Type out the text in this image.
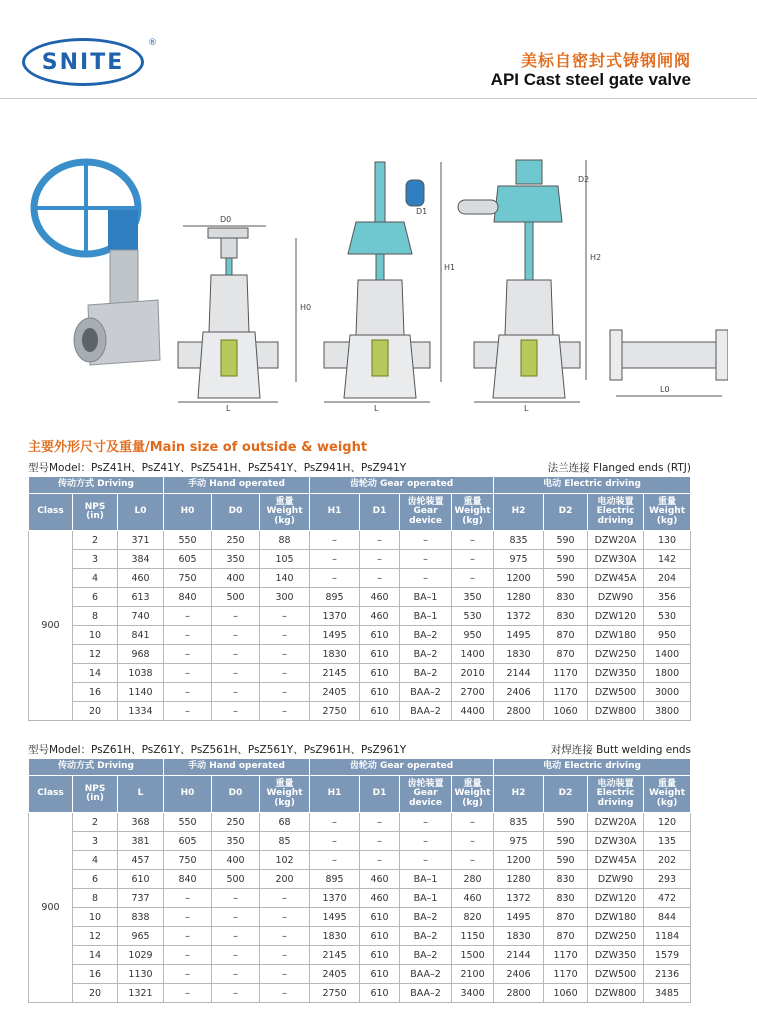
SNITE
®
美标自密封式铸钢闸阀
API Cast steel gate valve
D0
H0
L
D1
H1
L
D2
H2
L
L0
主要外形尺寸及重量/Main size of outside & weight
型号Model：PsZ41H、PsZ41Y、PsZ541H、PsZ541Y、PsZ941H、PsZ941Y	法兰连接 Flanged ends (RTJ)
传动方式 Driving			手动 Hand operated			齿轮动 Gear operated				电动 Electric driving			
Class	NPS (in)	L0	H0	D0	重量 Weight (kg)	H1	D1	齿轮装置 Gear device	重量 Weight (kg)	H2	D2	电动装置 Electric driving	重量 Weight (kg)
900	2	371	550	250	88	–	–	–	–	835	590	DZW20A	130
	3	384	605	350	105	–	–	–	–	975	590	DZW30A	142
	4	460	750	400	140	–	–	–	–	1200	590	DZW45A	204
	6	613	840	500	300	895	460	BA–1	350	1280	830	DZW90	356
	8	740	–	–	–	1370	460	BA–1	530	1372	830	DZW120	530
	10	841	–	–	–	1495	610	BA–2	950	1495	870	DZW180	950
	12	968	–	–	–	1830	610	BA–2	1400	1830	870	DZW250	1400
	14	1038	–	–	–	2145	610	BA–2	2010	2144	1170	DZW350	1800
	16	1140	–	–	–	2405	610	BAA–2	2700	2406	1170	DZW500	3000
	20	1334	–	–	–	2750	610	BAA–2	4400	2800	1060	DZW800	3800
型号Model：PsZ61H、PsZ61Y、PsZ561H、PsZ561Y、PsZ961H、PsZ961Y	对焊连接 Butt welding ends
传动方式 Driving			手动 Hand operated			齿轮动 Gear operated				电动 Electric driving			
Class	NPS (in)	L	H0	D0	重量 Weight (kg)	H1	D1	齿轮装置 Gear device	重量 Weight (kg)	H2	D2	电动装置 Electric driving	重量 Weight (kg)
900	2	368	550	250	68	–	–	–	–	835	590	DZW20A	120
	3	381	605	350	85	–	–	–	–	975	590	DZW30A	135
	4	457	750	400	102	–	–	–	–	1200	590	DZW45A	202
	6	610	840	500	200	895	460	BA–1	280	1280	830	DZW90	293
	8	737	–	–	–	1370	460	BA–1	460	1372	830	DZW120	472
	10	838	–	–	–	1495	610	BA–2	820	1495	870	DZW180	844
	12	965	–	–	–	1830	610	BA–2	1150	1830	870	DZW250	1184
	14	1029	–	–	–	2145	610	BA–2	1500	2144	1170	DZW350	1579
	16	1130	–	–	–	2405	610	BAA–2	2100	2406	1170	DZW500	2136
	20	1321	–	–	–	2750	610	BAA–2	3400	2800	1060	DZW800	3485
